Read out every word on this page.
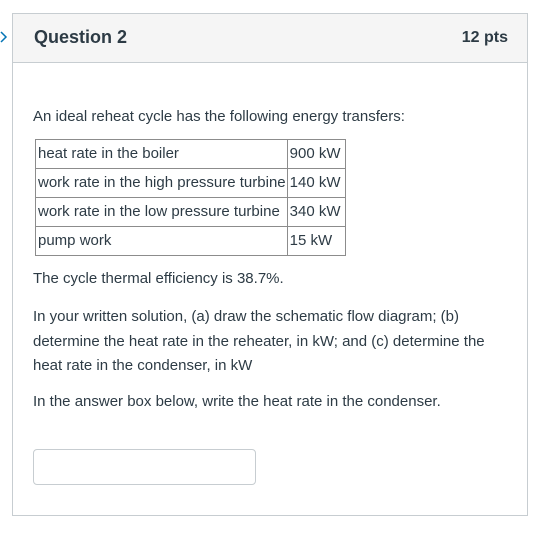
Question 2	12 pts

An ideal reheat cycle has the following energy transfers:

heat rate in the boiler	900 kW
work rate in the high pressure turbine	140 kW
work rate in the low pressure turbine	340 kW
pump work	15 kW

The cycle thermal efficiency is 38.7%.

In your written solution, (a) draw the schematic flow diagram; (b) determine the heat rate in the reheater, in kW; and (c) determine the heat rate in the condenser, in kW

In the answer box below, write the heat rate in the condenser.
